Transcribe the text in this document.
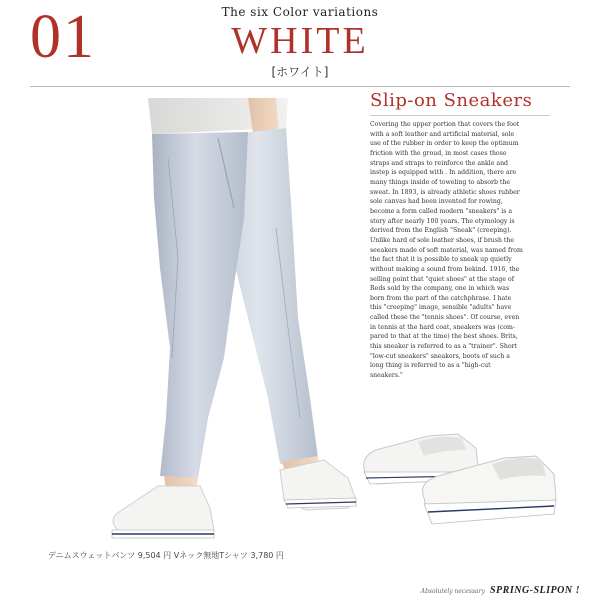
01	The six Color variations
WHITE
[ホワイト]
デニムスウェットパンツ 9,504 円 Vネック無地Tシャツ 3,780 円
Slip-on Sneakers
Covering the upper portion that covers the foot
with a soft leather and artificial material, sole
use of the rubber in order to keep the optimum
friction with the groud, in most cases those
straps and straps to reinforce the ankle and
instep is equipped with . In addition, there are
many things inside of toweling to absorb the
sweat. In 1893, is already athletic shoes rubber
sole canvas had been invented for rowing,
become a form called modern "sneakers" is a
story after nearly 100 years. The etymology is
derived from the English "Sneak" (creeping).
Unlike hard of sole leather shoes, if brush the
seeakers made of soft material, was named from
the fact that it is possible to sneak up quietly
without making a sound from bekind. 1916, the
selling point that "quiet shoes" at the stage of
Reds sold by the company, one in which was
born from the part of the catchphrase. I hate
this "creeping" image, sensible "adults" have
called these the "tennis shoes". Of course, even
in tennis at the hard coat, sneakers was (com-
pared to that at the time) the best shoes. Brits,
this sneaker is referred to as a "trainer". Short
"low-cut sneakers" sneakers, boots of such a
long thing is referred to as a "high-cut
sneakers."
Absolutely necessary SPRING-SLIPON !
